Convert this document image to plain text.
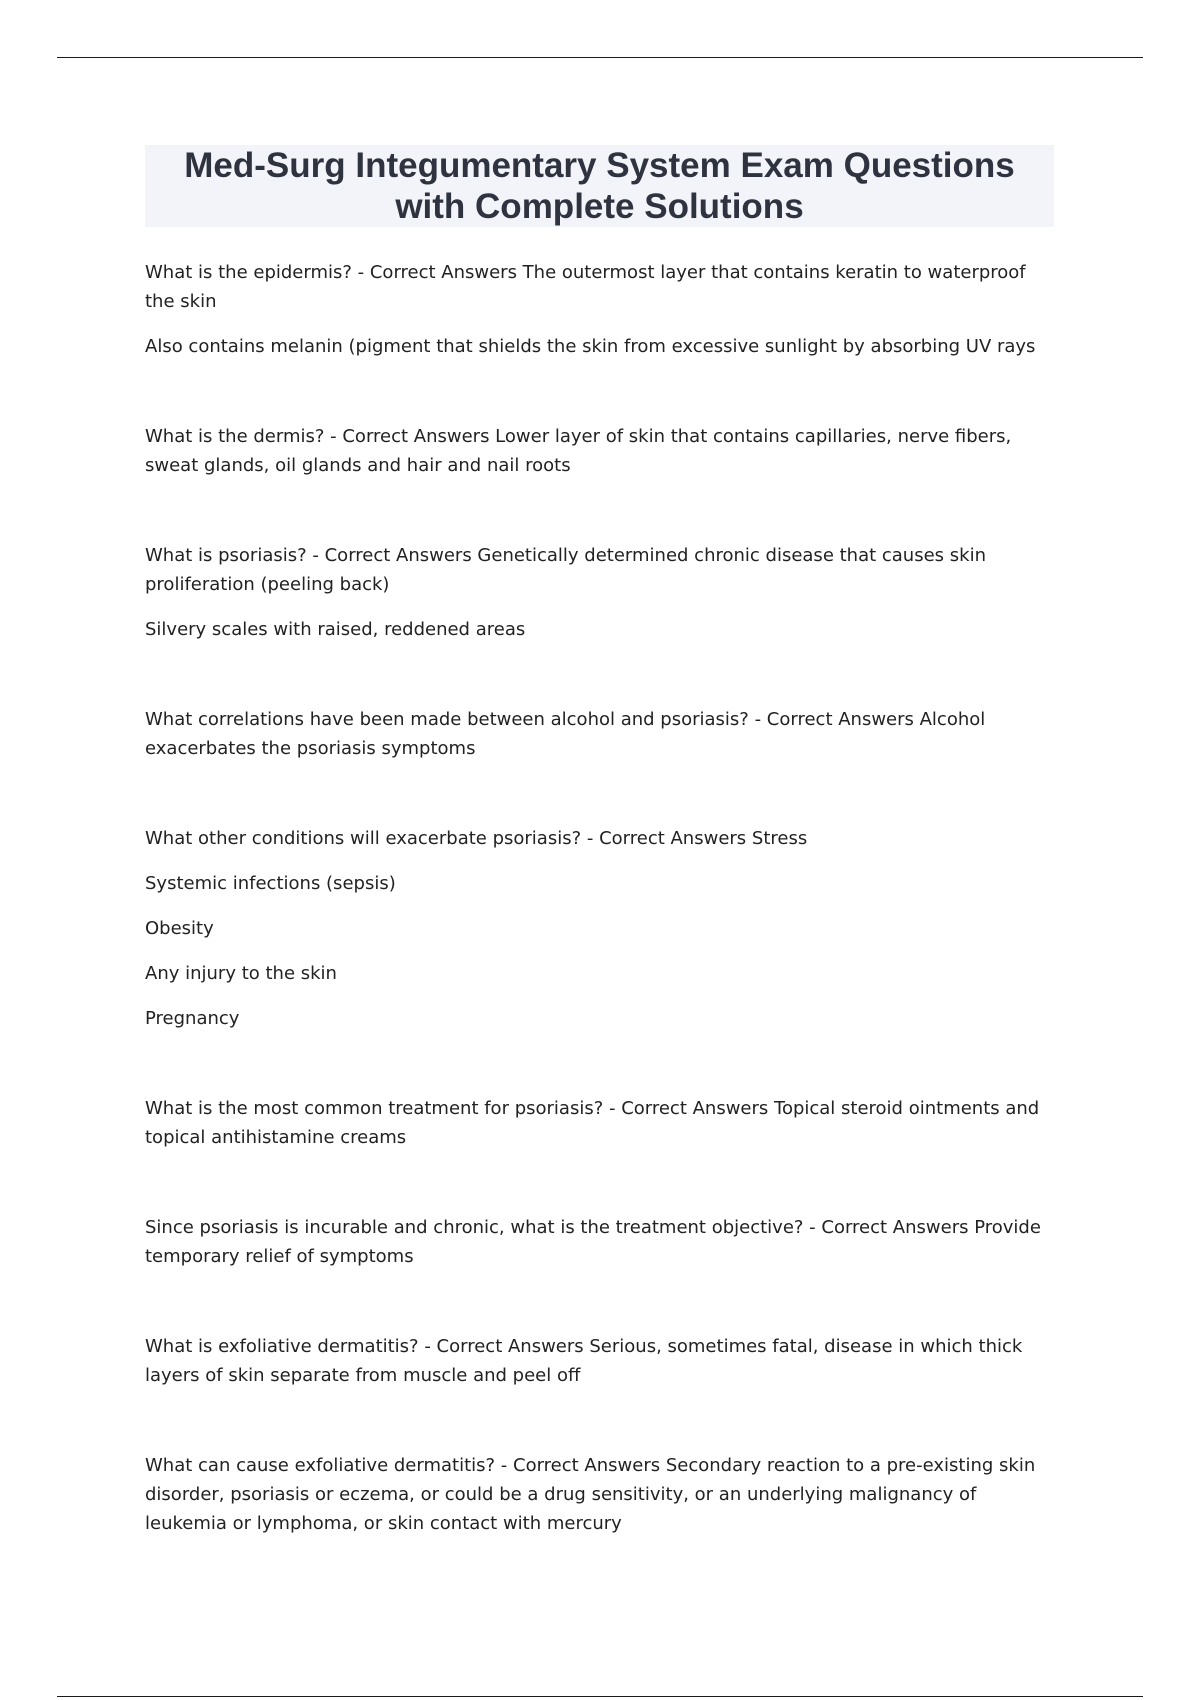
Med-Surg Integumentary System Exam Questions
with Complete Solutions

What is the epidermis? - Correct Answers The outermost layer that contains keratin to waterproof the skin

Also contains melanin (pigment that shields the skin from excessive sunlight by absorbing UV rays

What is the dermis? - Correct Answers Lower layer of skin that contains capillaries, nerve fibers, sweat glands, oil glands and hair and nail roots

What is psoriasis? - Correct Answers Genetically determined chronic disease that causes skin proliferation (peeling back)

Silvery scales with raised, reddened areas

What correlations have been made between alcohol and psoriasis? - Correct Answers Alcohol exacerbates the psoriasis symptoms

What other conditions will exacerbate psoriasis? - Correct Answers Stress

Systemic infections (sepsis)

Obesity

Any injury to the skin

Pregnancy

What is the most common treatment for psoriasis? - Correct Answers Topical steroid ointments and topical antihistamine creams

Since psoriasis is incurable and chronic, what is the treatment objective? - Correct Answers Provide temporary relief of symptoms

What is exfoliative dermatitis? - Correct Answers Serious, sometimes fatal, disease in which thick layers of skin separate from muscle and peel off

What can cause exfoliative dermatitis? - Correct Answers Secondary reaction to a pre-existing skin disorder, psoriasis or eczema, or could be a drug sensitivity, or an underlying malignancy of leukemia or lymphoma, or skin contact with mercury
